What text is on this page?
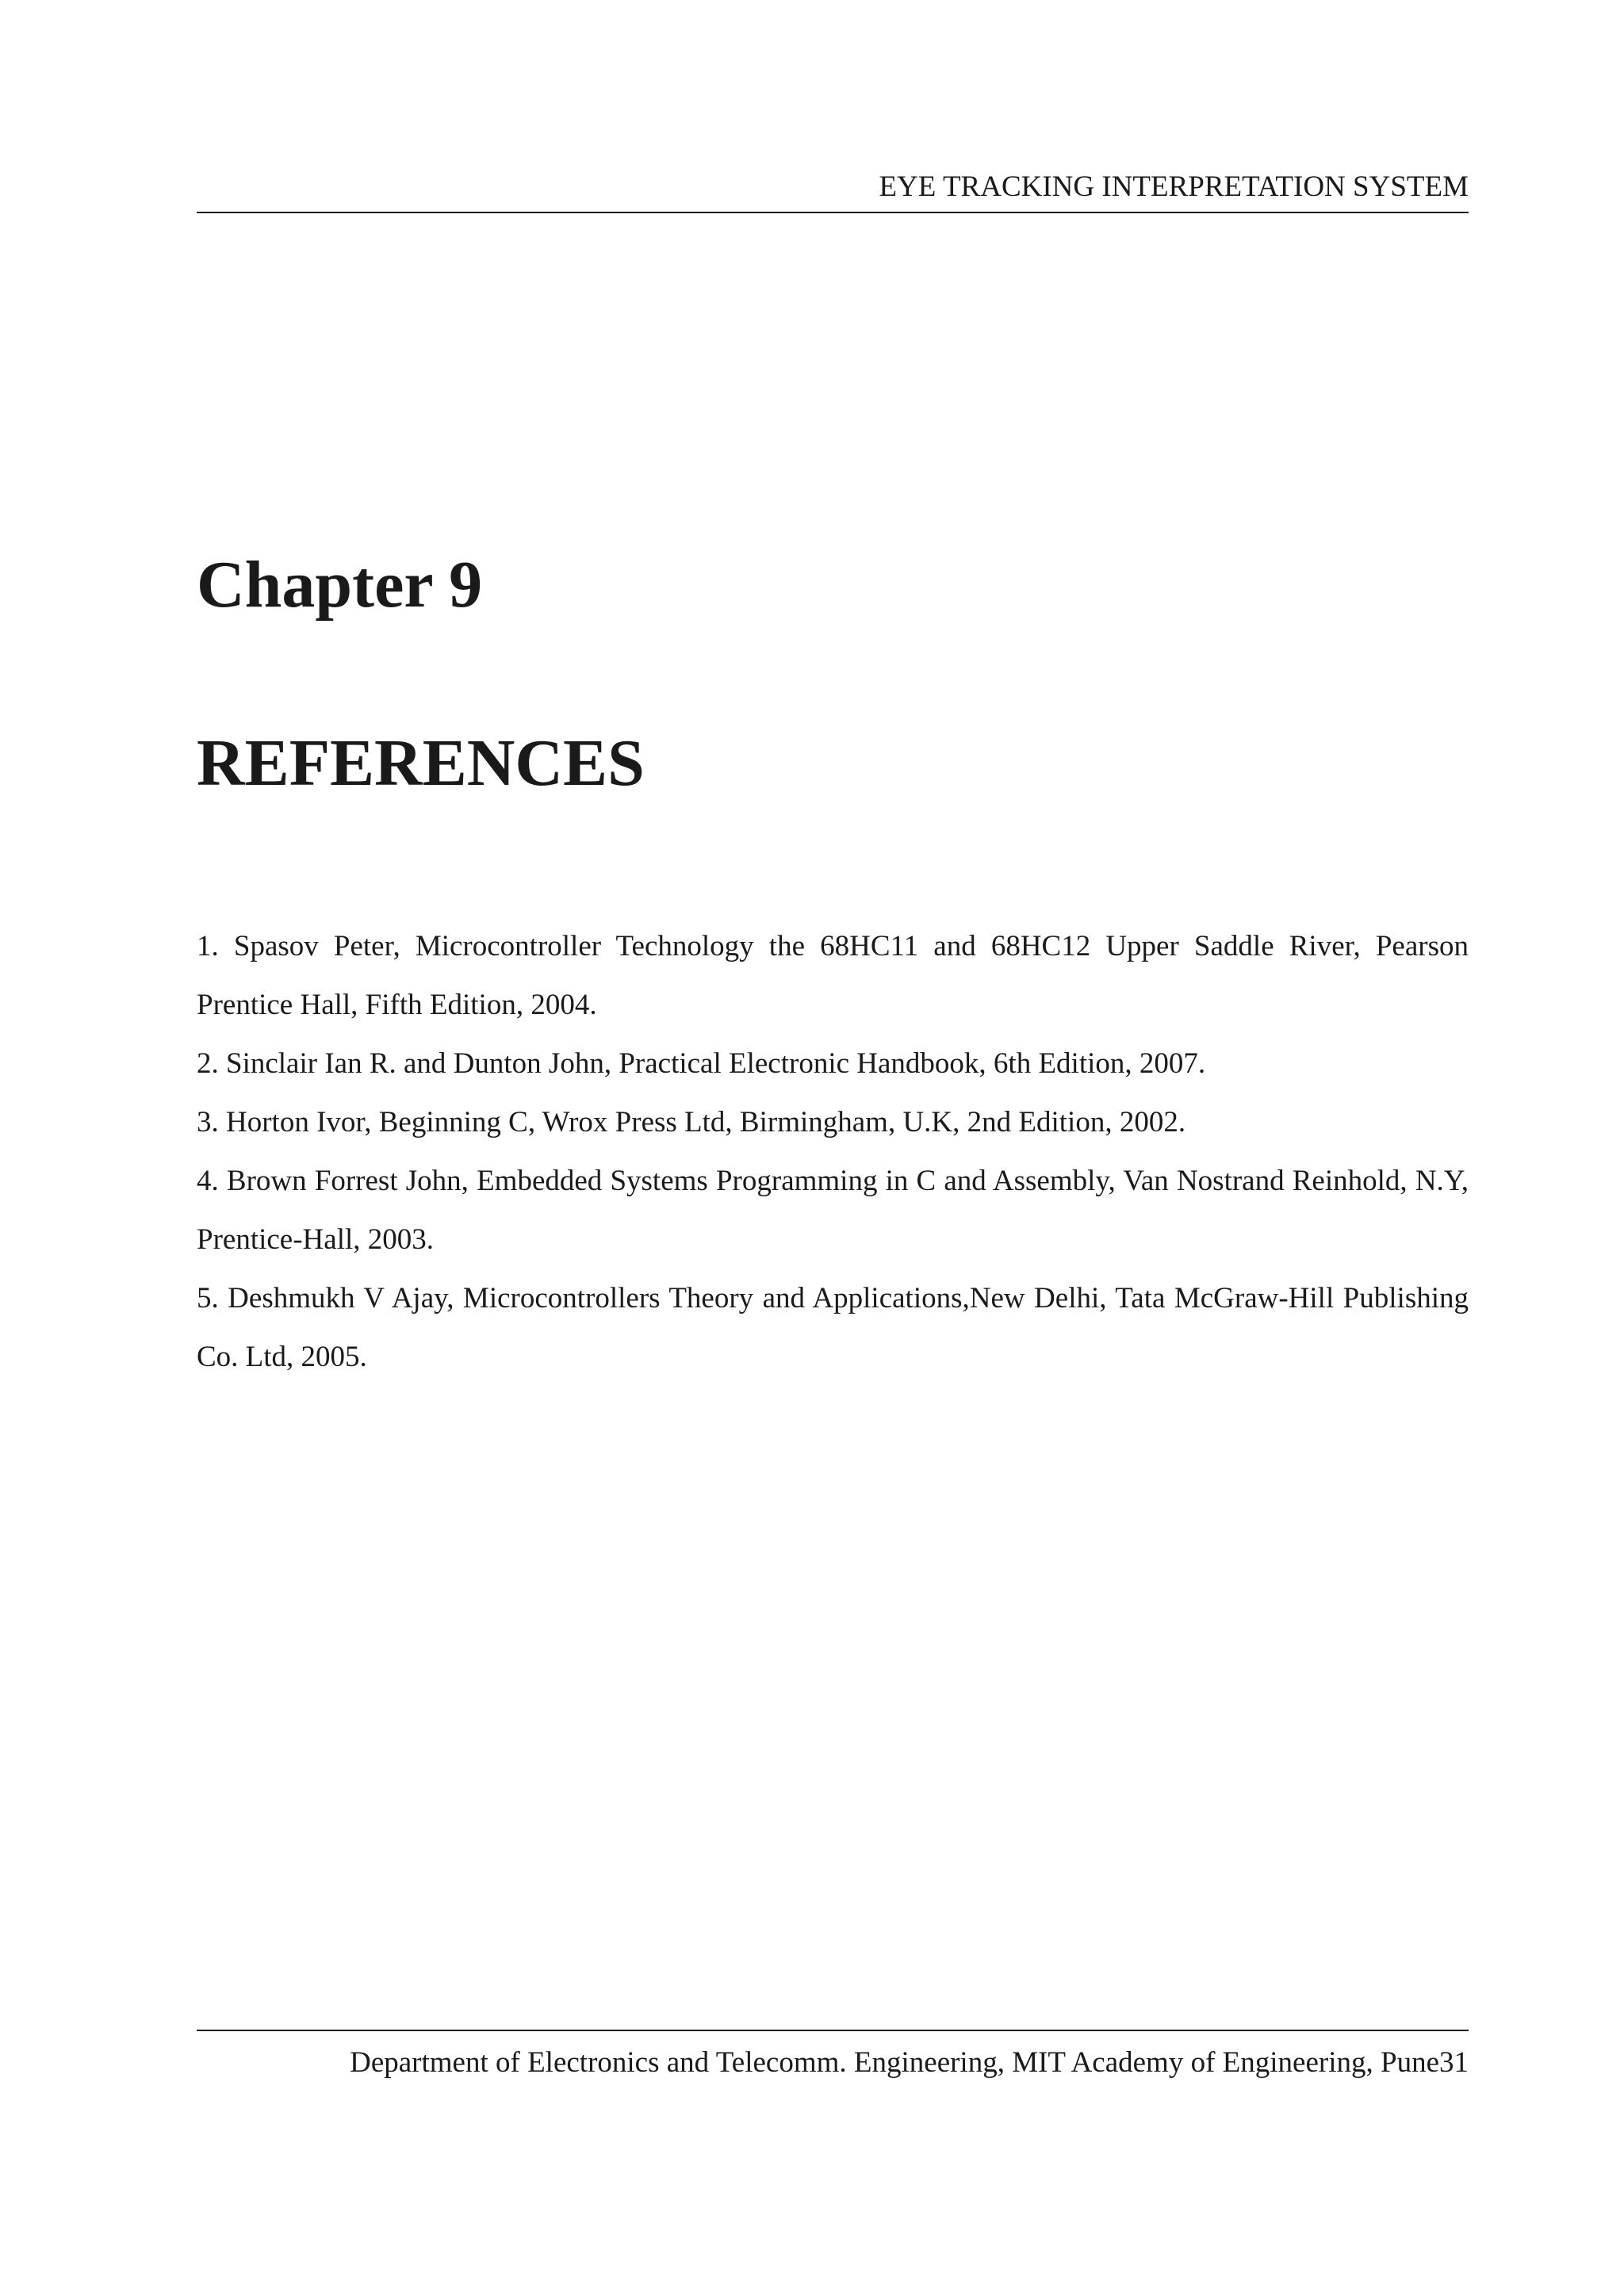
EYE TRACKING INTERPRETATION SYSTEM
Chapter 9
REFERENCES
1. Spasov Peter, Microcontroller Technology the 68HC11 and 68HC12 Upper Saddle River, Pearson Prentice Hall, Fifth Edition, 2004.
2. Sinclair Ian R. and Dunton John, Practical Electronic Handbook, 6th Edition, 2007.
3. Horton Ivor, Beginning C, Wrox Press Ltd, Birmingham, U.K, 2nd Edition, 2002.
4. Brown Forrest John, Embedded Systems Programming in C and Assembly, Van Nostrand Reinhold, N.Y, Prentice-Hall, 2003.
5. Deshmukh V Ajay, Microcontrollers Theory and Applications,New Delhi, Tata McGraw-Hill Publishing Co. Ltd, 2005.
Department of Electronics and Telecomm. Engineering, MIT Academy of Engineering, Pune31
